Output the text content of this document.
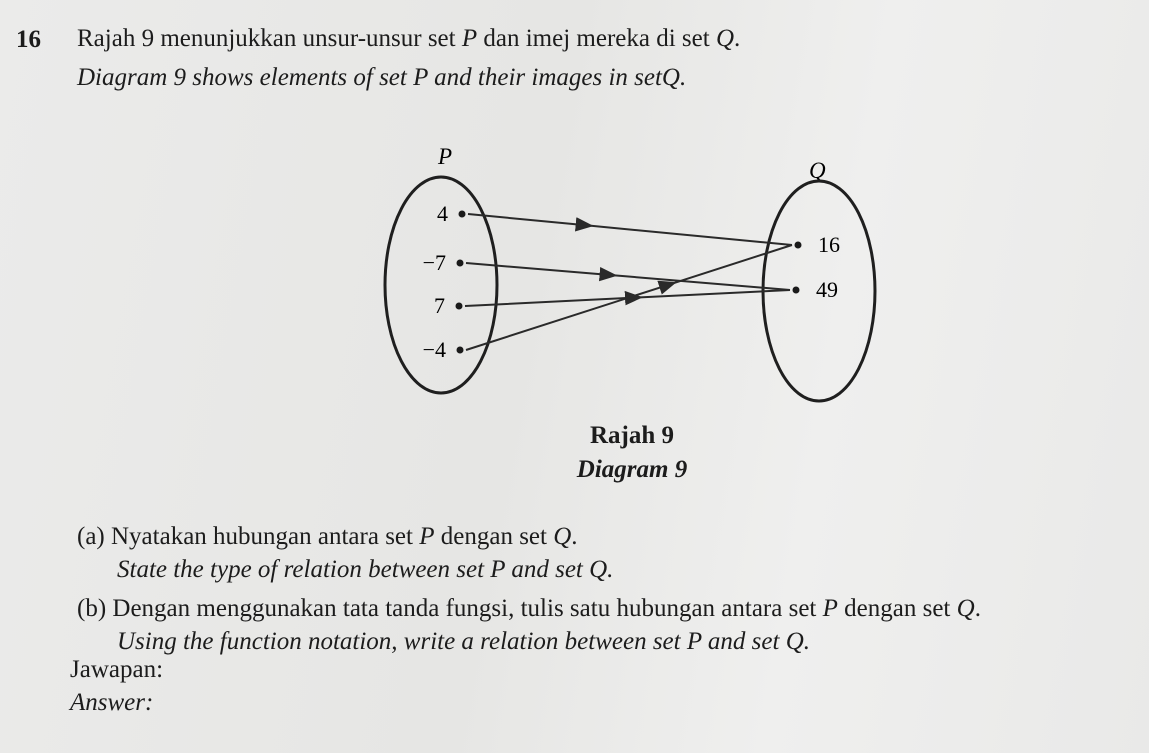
16 Rajah 9 menunjukkan unsur-unsur set P dan imej mereka di set Q.
Diagram 9 shows elements of set P and their images in setQ.
P
Q
4
−7
7
−4
16
49
Rajah 9
Diagram 9
(a) Nyatakan hubungan antara set P dengan set Q.
State the type of relation between set P and set Q.
(b) Dengan menggunakan tata tanda fungsi, tulis satu hubungan antara set P dengan set Q.
Using the function notation, write a relation between set P and set Q.
Jawapan:
Answer:
